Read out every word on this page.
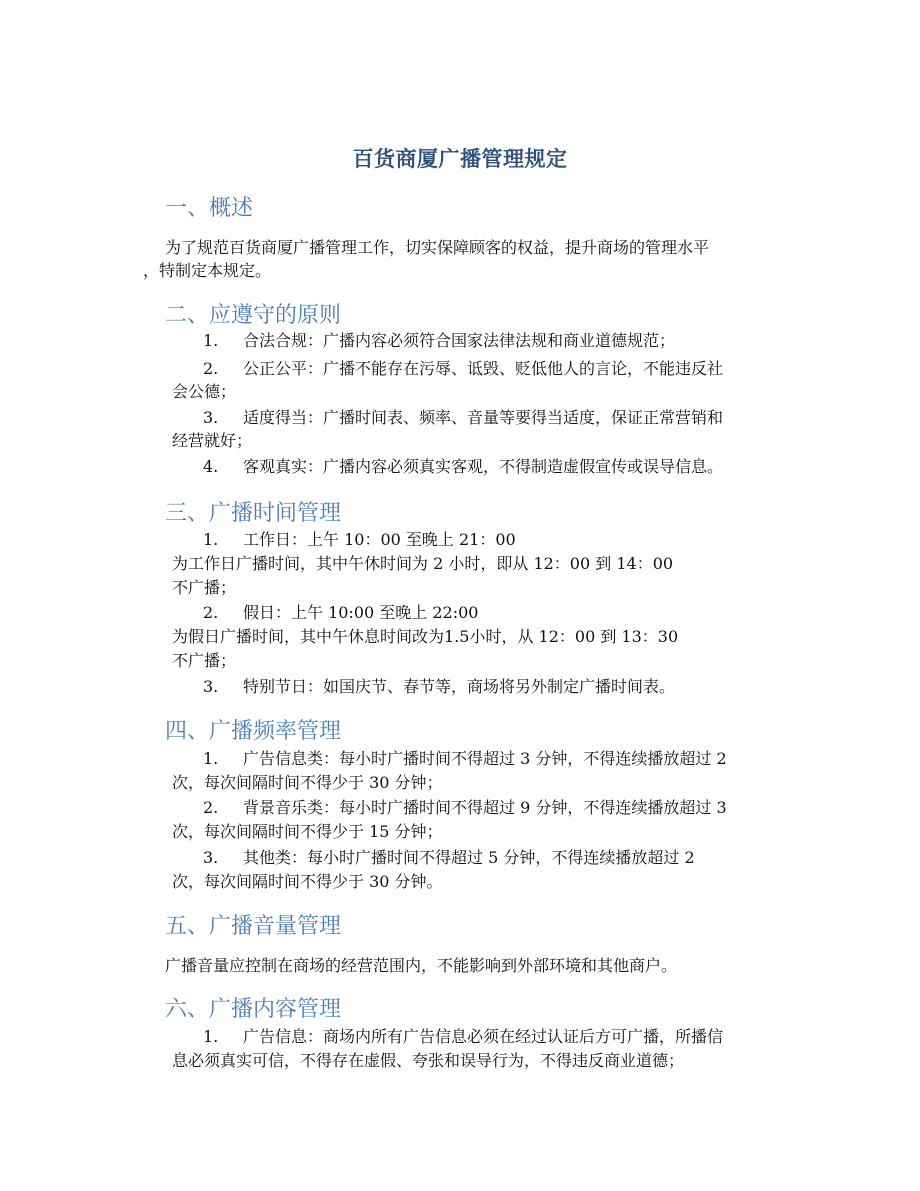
百货商厦广播管理规定
一、概述
为了规范百货商厦广播管理工作，切实保障顾客的权益，提升商场的管理水平
，特制定本规定。
二、应遵守的原则
1. 合法合规：广播内容必须符合国家法律法规和商业道德规范；
2. 公正公平：广播不能存在污辱、诋毁、贬低他人的言论，不能违反社
会公德；
3. 适度得当：广播时间表、频率、音量等要得当适度，保证正常营销和
经营就好；
4. 客观真实：广播内容必须真实客观，不得制造虚假宣传或误导信息。
三、广播时间管理
1. 工作日：上午 10：00 至晚上 21：00
为工作日广播时间，其中午休时间为 2 小时，即从 12：00 到 14：00
不广播；
2. 假日：上午 10:00 至晚上 22:00
为假日广播时间，其中午休息时间改为1.5小时，从 12：00 到 13：30
不广播；
3. 特别节日：如国庆节、春节等，商场将另外制定广播时间表。
四、广播频率管理
1. 广告信息类：每小时广播时间不得超过 3 分钟，不得连续播放超过 2
次，每次间隔时间不得少于 30 分钟；
2. 背景音乐类：每小时广播时间不得超过 9 分钟，不得连续播放超过 3
次，每次间隔时间不得少于 15 分钟；
3. 其他类：每小时广播时间不得超过 5 分钟，不得连续播放超过 2
次，每次间隔时间不得少于 30 分钟。
五、广播音量管理
广播音量应控制在商场的经营范围内，不能影响到外部环境和其他商户。
六、广播内容管理
1. 广告信息：商场内所有广告信息必须在经过认证后方可广播，所播信
息必须真实可信，不得存在虚假、夸张和误导行为，不得违反商业道德；
